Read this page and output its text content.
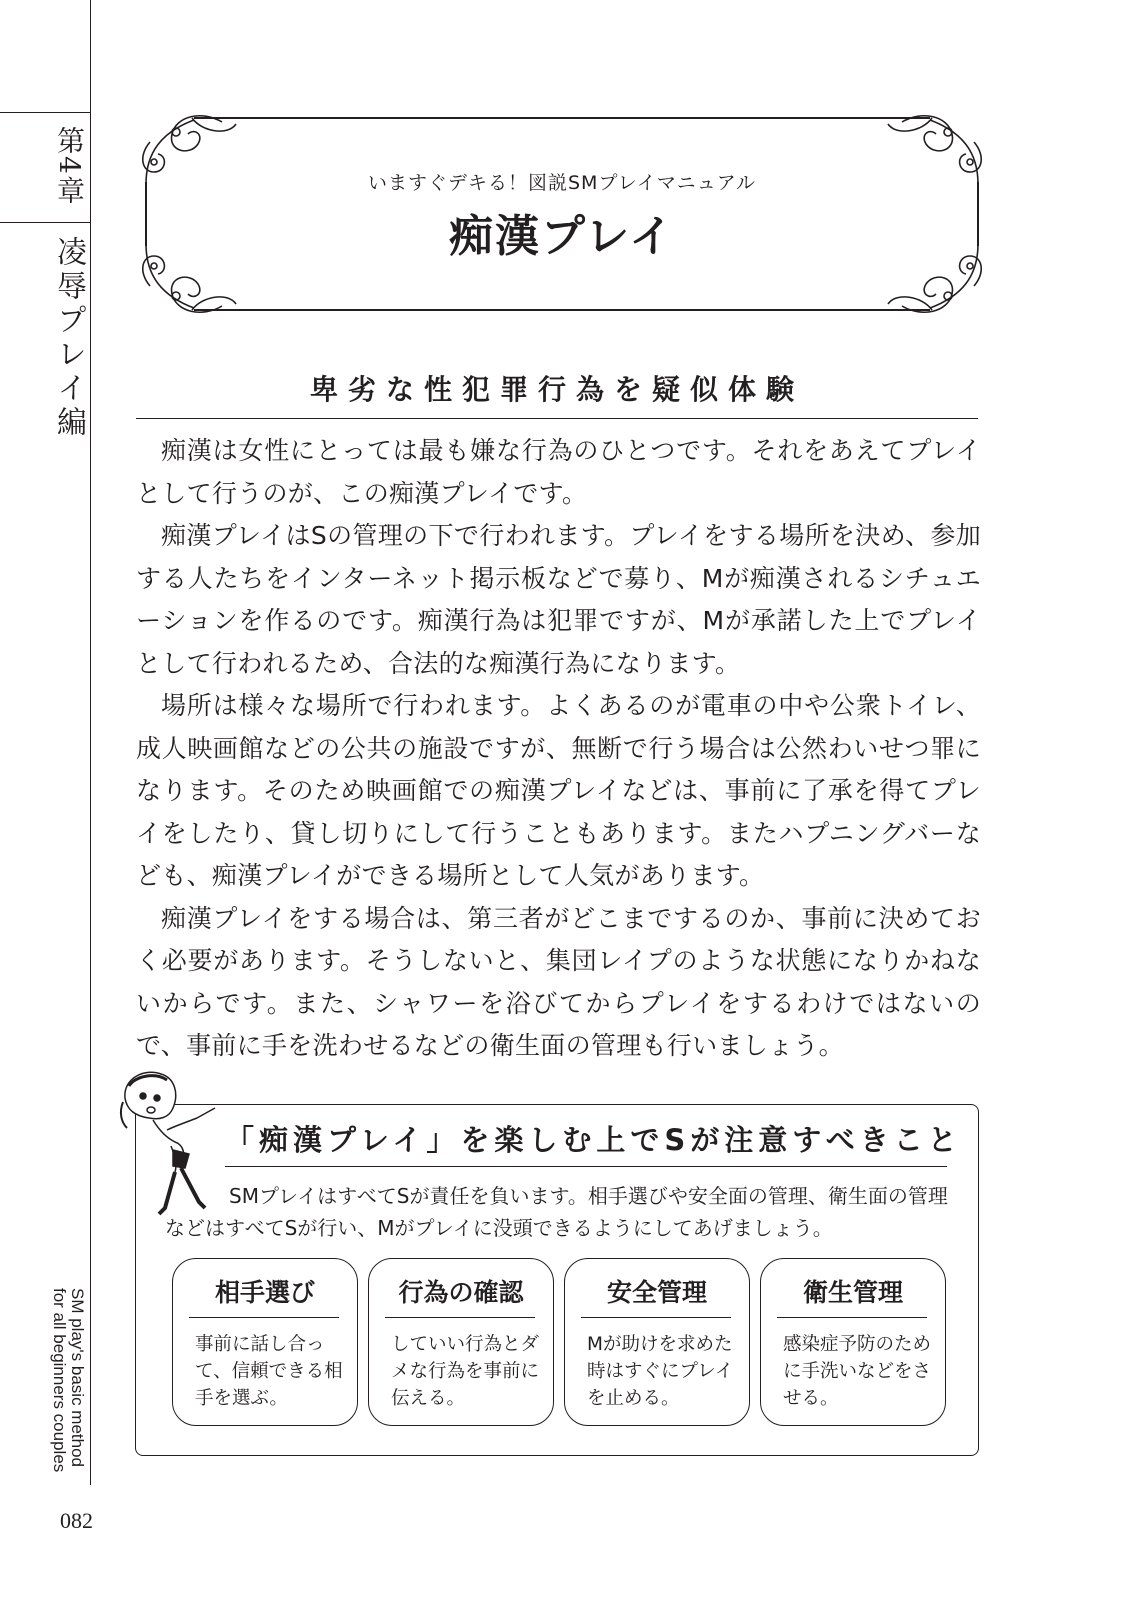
第4章
凌辱プレイ編
SM play's basic method
for all beginners couples
082
いますぐデキる！図説SMプレイマニュアル
痴漢プレイ
卑劣な性犯罪行為を疑似体験

痴漢は女性にとっては最も嫌な行為のひとつです。それをあえてプレイとして行うのが、この痴漢プレイです。

痴漢プレイはSの管理の下で行われます。プレイをする場所を決め、参加する人たちをインターネット掲示板などで募り、Mが痴漢されるシチュエーションを作るのです。痴漢行為は犯罪ですが、Mが承諾した上でプレイとして行われるため、合法的な痴漢行為になります。

場所は様々な場所で行われます。よくあるのが電車の中や公衆トイレ、成人映画館などの公共の施設ですが、無断で行う場合は公然わいせつ罪になります。そのため映画館での痴漢プレイなどは、事前に了承を得てプレイをしたり、貸し切りにして行うこともあります。またハプニングバーなども、痴漢プレイができる場所として人気があります。

痴漢プレイをする場合は、第三者がどこまでするのか、事前に決めておく必要があります。そうしないと、集団レイプのような状態になりかねないからです。また、シャワーを浴びてからプレイをするわけではないので、事前に手を洗わせるなどの衛生面の管理も行いましょう。

「痴漢プレイ」を楽しむ上でSが注意すべきこと

SMプレイはすべてSが責任を負います。相手選びや安全面の管理、衛生面の管理などはすべてSが行い、Mがプレイに没頭できるようにしてあげましょう。

相手選び
事前に話し合って、信頼できる相手を選ぶ。
行為の確認
していい行為とダメな行為を事前に伝える。
安全管理
Mが助けを求めた時はすぐにプレイを止める。
衛生管理
感染症予防のために手洗いなどをさせる。
